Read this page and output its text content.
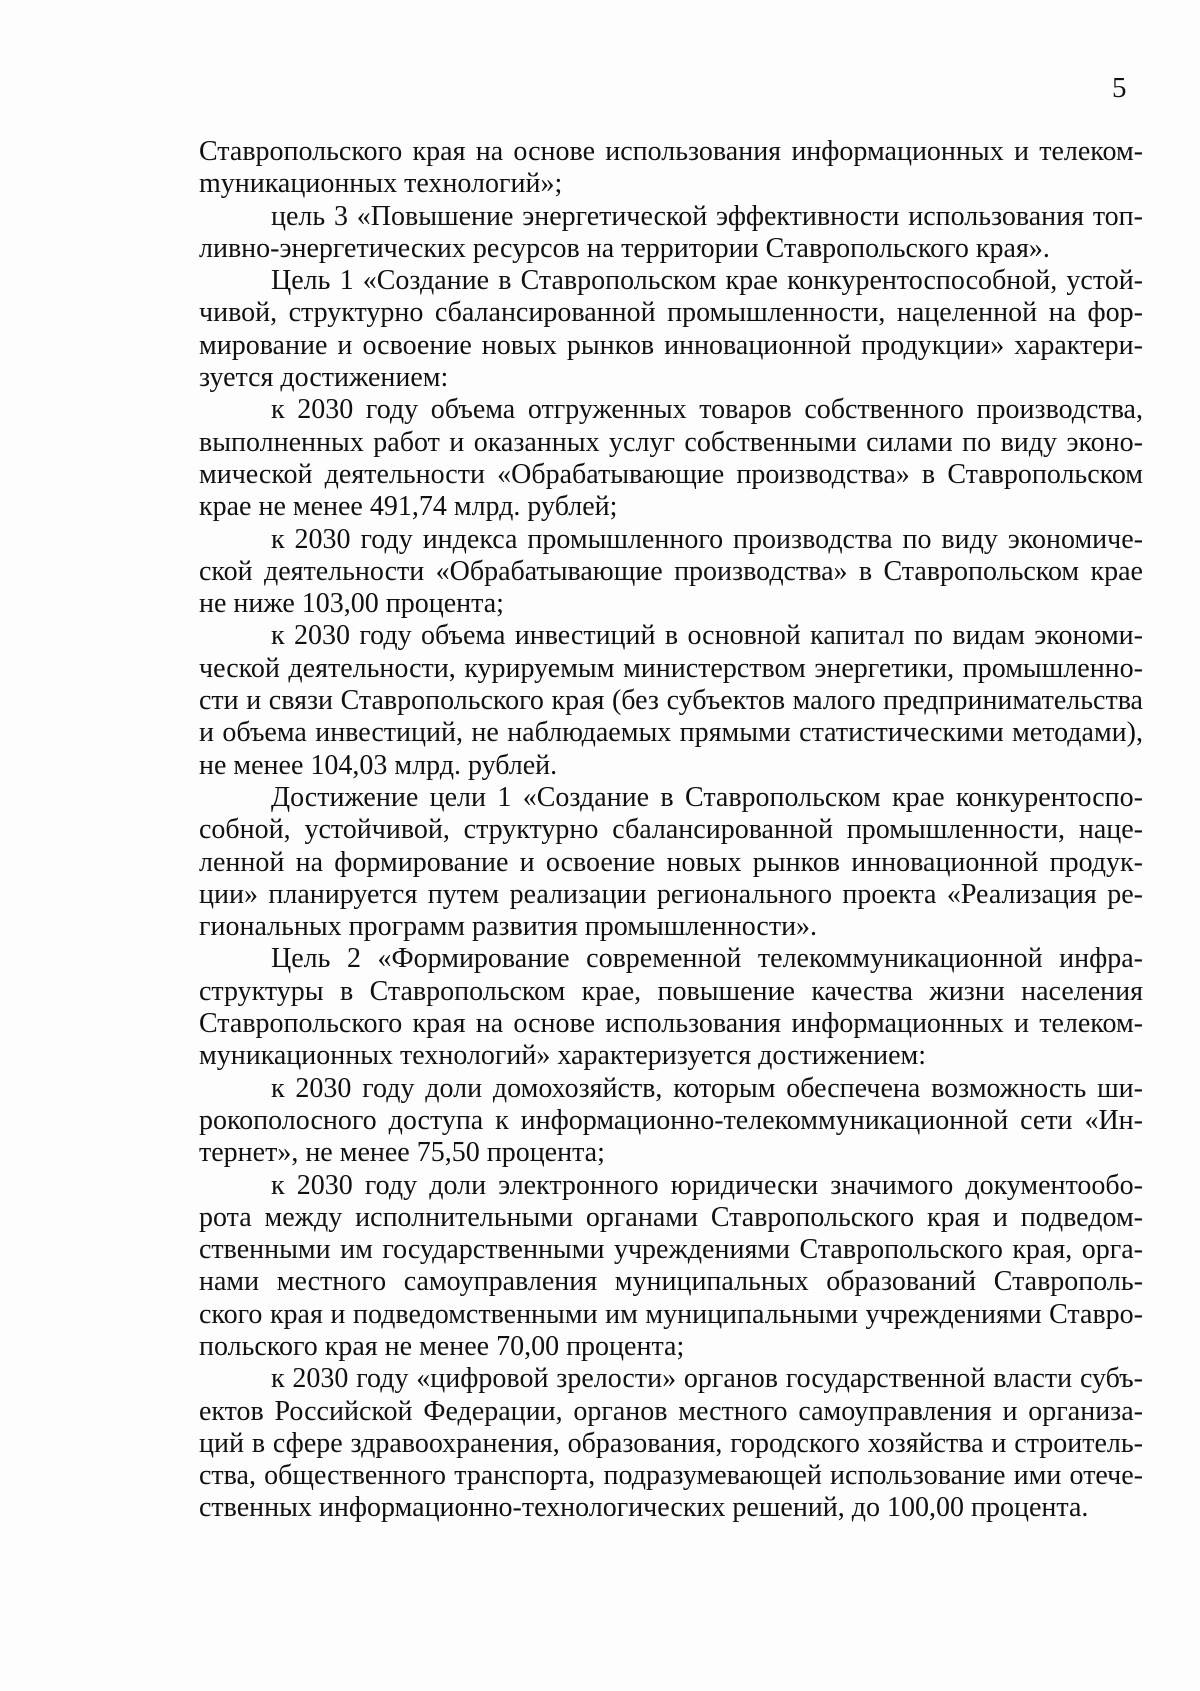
5

Ставропольского края на основе использования информационных и телекомmуникационных технологий»;

цель 3 «Повышение энергетической эффективности использования топливно-энергетических ресурсов на территории Ставропольского края».

Цель 1 «Создание в Ставропольском крае конкурентоспособной, устойчивой, структурно сбалансированной промышленности, нацеленной на формирование и освоение новых рынков инновационной продукции» характеризуется достижением:

к 2030 году объема отгруженных товаров собственного производства, выполненных работ и оказанных услуг собственными силами по виду экономической деятельности «Обрабатывающие производства» в Ставропольском крае не менее 491,74 млрд. рублей;

к 2030 году индекса промышленного производства по виду экономической деятельности «Обрабатывающие производства» в Ставропольском крае не ниже 103,00 процента;

к 2030 году объема инвестиций в основной капитал по видам экономической деятельности, курируемым министерством энергетики, промышленности и связи Ставропольского края (без субъектов малого предпринимательства и объема инвестиций, не наблюдаемых прямыми статистическими методами), не менее 104,03 млрд. рублей.

Достижение цели 1 «Создание в Ставропольском крае конкурентоспособной, устойчивой, структурно сбалансированной промышленности, нацеленной на формирование и освоение новых рынков инновационной продукции» планируется путем реализации регионального проекта «Реализация региональных программ развития промышленности».

Цель 2 «Формирование современной телекоммуникационной инфраструктуры в Ставропольском крае, повышение качества жизни населения Ставропольского края на основе использования информационных и телекоммуникационных технологий» характеризуется достижением:

к 2030 году доли домохозяйств, которым обеспечена возможность широкополосного доступа к информационно-телекоммуникационной сети «Интернет», не менее 75,50 процента;

к 2030 году доли электронного юридически значимого документооборота между исполнительными органами Ставропольского края и подведомственными им государственными учреждениями Ставропольского края, органами местного самоуправления муниципальных образований Ставропольского края и подведомственными им муниципальными учреждениями Ставропольского края не менее 70,00 процента;

к 2030 году «цифровой зрелости» органов государственной власти субъектов Российской Федерации, органов местного самоуправления и организаций в сфере здравоохранения, образования, городского хозяйства и строительства, общественного транспорта, подразумевающей использование ими отечественных информационно-технологических решений, до 100,00 процента.
